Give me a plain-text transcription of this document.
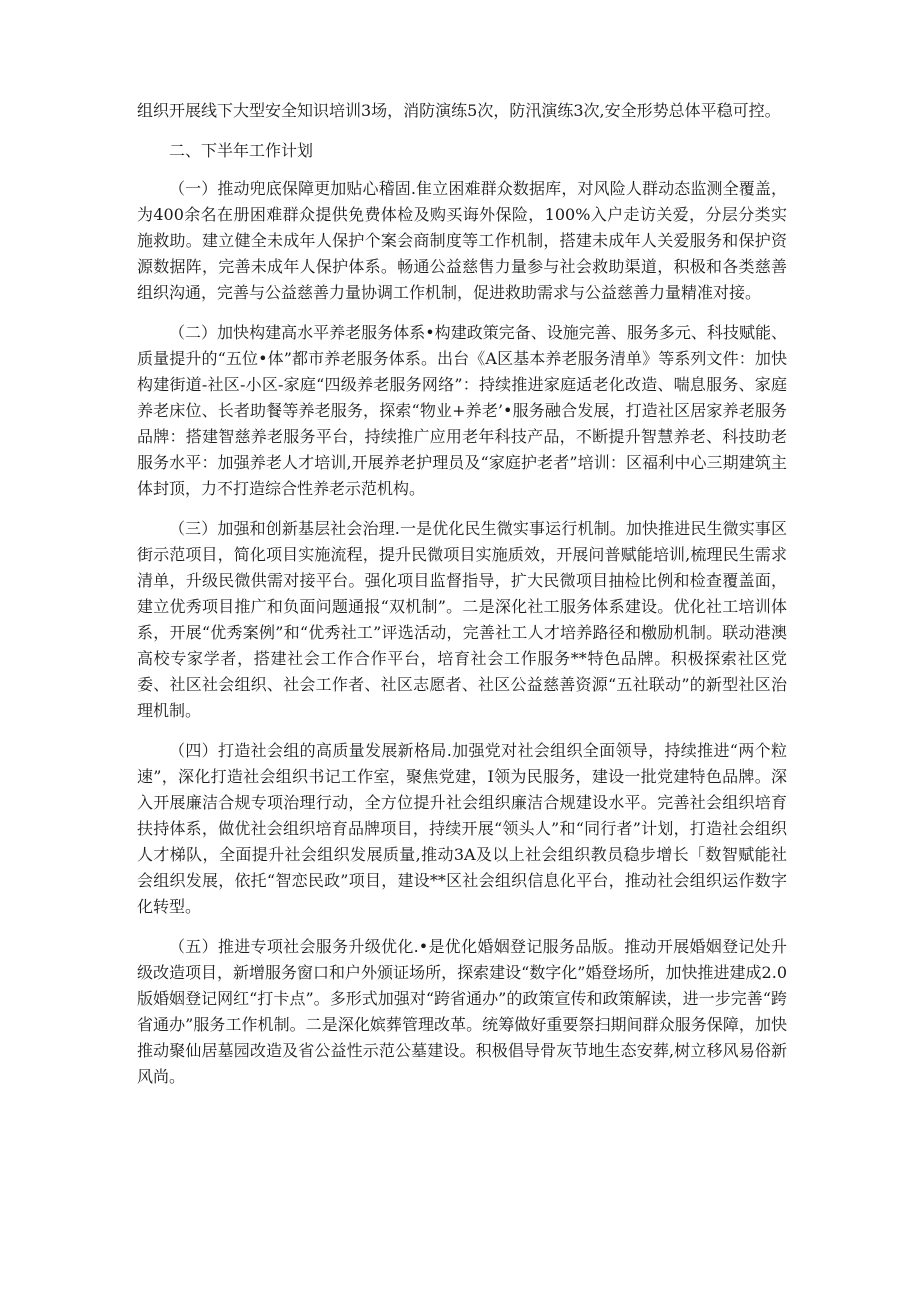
组织开展线下大型安全知识培训3场，消防演练5次，防汛演练3次,安全形势总体平稳可控。

二、下半年工作计划

（一）推动兜底保障更加贴心稽固.隹立困难群众数据库，对风险人群动态监测全覆盖，为400余名在册困难群众提供免费体检及购买诲外保险，100%入户走访关爱，分层分类实施救助。建立健全未成年人保护个案会商制度等工作机制，搭建未成年人关爱服务和保护资源数据阵，完善未成年人保护体系。畅通公益慈售力量参与社会救助渠道，积极和各类慈善组织沟通，完善与公益慈善力量协调工作机制，促进救助需求与公益慈善力量精准对接。

（二）加快构建高水平养老服务体系•构建政策完备、设施完善、服务多元、科技赋能、质量提升的“五位•体”都市养老服务体系。出台《A区基本养老服务清单》等系列文件：加快构建街道-社区-小区-家庭“四级养老服务网络”：持续推进家庭适老化改造、喘息服务、家庭养老床位、长者助餐等养老服务，探索“物业+养老’•服务融合发展，打造社区居家养老服务品牌：搭建智慈养老服务平台，持续推广应用老年科技产品，不断提升智慧养老、科技助老服务水平：加强养老人才培训,开展养老护理员及“家庭护老者”培训：区福利中心三期建筑主体封顶，力不打造综合性养老示范机构。

（三）加强和创新基层社会治理.一是优化民生微实事运行机制。加快推进民生微实事区街示范项目，简化项目实施流程，提升民微项目实施质效，开展问普赋能培训,梳理民生需求清单，升级民微供需对接平台。强化项目监督指导，扩大民微项目抽检比例和检查覆盖面，建立优秀项目推广和负面问题通报“双机制”。二是深化社工服务体系建设。优化社工培训体系，开展“优秀案例”和“优秀社工”评选活动，完善社工人才培养路径和檄励机制。联动港澳高校专家学者，搭建社会工作合作平台，培育社会工作服务**特色品牌。积极探索社区党委、社区社会组织、社会工作者、社区志愿者、社区公益慈善资源“五社联动”的新型社区治理机制。

（四）打造社会组的高质量发展新格局.加强党对社会组织全面领导，持续推进“两个粒速”，深化打造社会组织书记工作室，聚焦党建，I领为民服务，建设一批党建特色品牌。深入开展廉洁合规专项治理行动，全方位提升社会组织廉洁合规建设水平。完善社会组织培育扶持体系，做优社会组织培育品牌项目，持续开展“领头人”和“同行者”计划，打造社会组织人才梯队，全面提升社会组织发展质量,推动3A及以上社会组织教员稳步增长「数智赋能社会组织发展，依托“智恋民政”项目，建设**区社会组织信息化平台，推动社会组织运作数字化转型。

（五）推进专项社会服务升级优化.•是优化婚姻登记服务品版。推动开展婚姻登记处升级改造项目，新增服务窗口和户外颁证场所，探索建设“数字化”婚登场所，加快推进建成2.0版婚姻登记网红“打卡点”。多形式加强对“跨省通办”的政策宣传和政策解读，进一步完善“跨省通办”服务工作机制。二是深化嫔葬管理改革。统筹做好重要祭扫期间群众服务保障，加快推动聚仙居墓园改造及省公益性示范公墓建设。积极倡导骨灰节地生态安葬,树立移风易俗新风尚。
